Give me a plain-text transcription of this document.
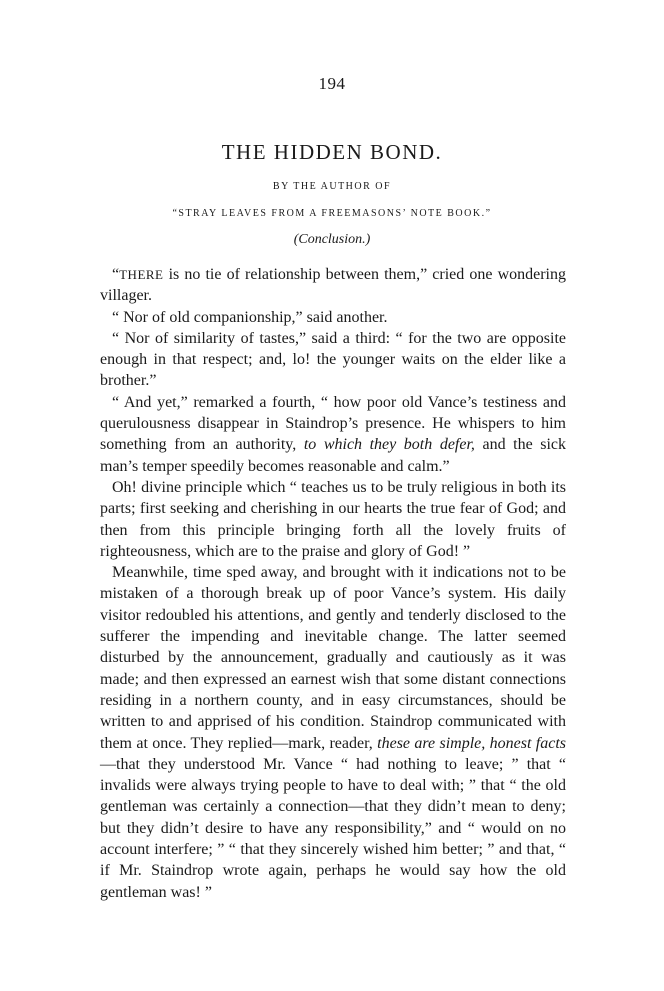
194
THE HIDDEN BOND.
BY THE AUTHOR OF
“STRAY LEAVES FROM A FREEMASONS’ NOTE BOOK.”
(Conclusion.)

“THERE is no tie of relationship between them,” cried one wondering villager.

“ Nor of old companionship,” said another.

“ Nor of similarity of tastes,” said a third: “ for the two are opposite enough in that respect; and, lo! the younger waits on the elder like a brother.”

“ And yet,” remarked a fourth, “ how poor old Vance’s testiness and querulousness disappear in Staindrop’s presence. He whispers to him something from an authority, to which they both defer, and the sick man’s temper speedily becomes reasonable and calm.”

Oh! divine principle which “ teaches us to be truly religious in both its parts; first seeking and cherishing in our hearts the true fear of God; and then from this principle bringing forth all the lovely fruits of righteousness, which are to the praise and glory of God! ”

Meanwhile, time sped away, and brought with it indications not to be mistaken of a thorough break up of poor Vance’s system. His daily visitor redoubled his attentions, and gently and tenderly disclosed to the sufferer the impending and inevitable change. The latter seemed disturbed by the announcement, gradually and cautiously as it was made; and then expressed an earnest wish that some distant connections residing in a northern county, and in easy circumstances, should be written to and apprised of his condition. Staindrop communicated with them at once. They replied—mark, reader, these are simple, honest facts—that they understood Mr. Vance “ had nothing to leave; ” that “ invalids were always trying people to have to deal with; ” that “ the old gentleman was certainly a connection—that they didn’t mean to deny; but they didn’t desire to have any responsibility,” and “ would on no account interfere; ” “ that they sincerely wished him better; ” and that, “ if Mr. Staindrop wrote again, perhaps he would say how the old gentleman was! ”
